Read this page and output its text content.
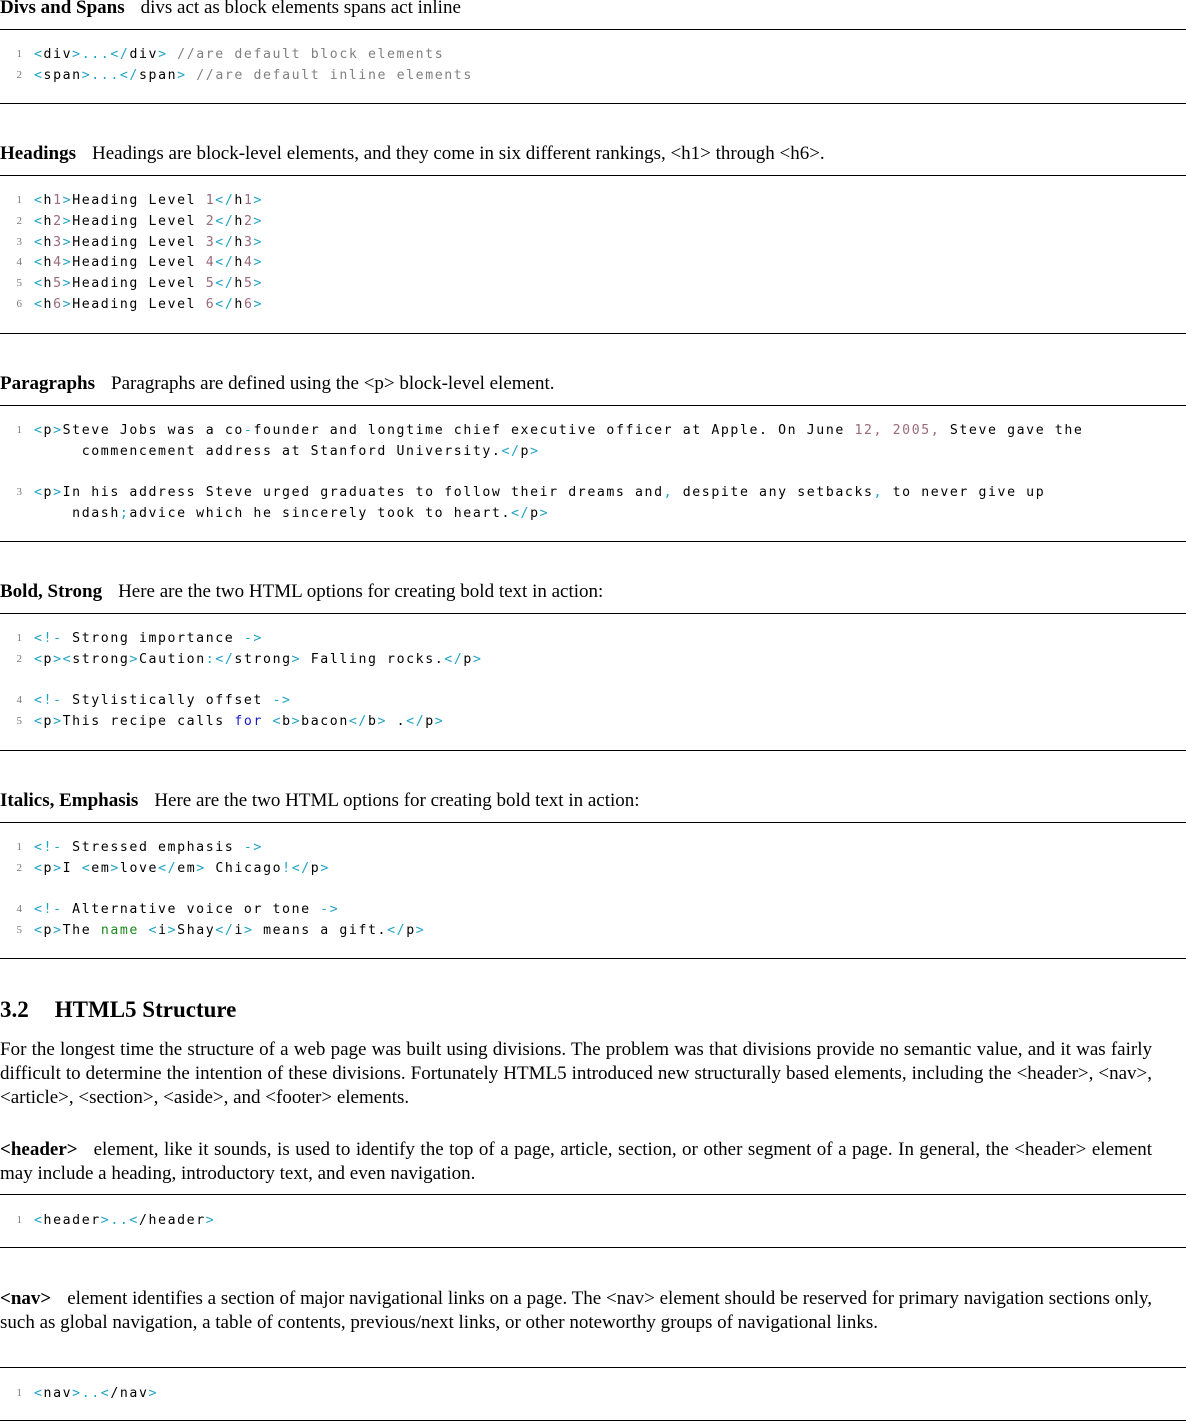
Divs and Spans divs act as block elements spans act inline

1 <div>...</div> //are default block elements
2 <span>...</span> //are default inline elements

Headings Headings are block-level elements, and they come in six different rankings, <h1> through <h6>.

1 <h1>Heading Level 1</h1>
2 <h2>Heading Level 2</h2>
3 <h3>Heading Level 3</h3>
4 <h4>Heading Level 4</h4>
5 <h5>Heading Level 5</h5>
6 <h6>Heading Level 6</h6>

Paragraphs Paragraphs are defined using the <p> block-level element.

1 <p>Steve Jobs was a co-founder and longtime chief executive officer at Apple. On June 12, 2005, Steve gave the
commencement address at Stanford University.</p>
3 <p>In his address Steve urged graduates to follow their dreams and, despite any setbacks, to never give up
ndash;advice which he sincerely took to heart.</p>

Bold, Strong Here are the two HTML options for creating bold text in action:

1 <!- Strong importance ->
2 <p><strong>Caution:</strong> Falling rocks.</p>
4 <!- Stylistically offset ->
5 <p>This recipe calls for <b>bacon</b> .</p>

Italics, Emphasis Here are the two HTML options for creating bold text in action:

1 <!- Stressed emphasis ->
2 <p>I <em>love</em> Chicago!</p>
4 <!- Alternative voice or tone ->
5 <p>The name <i>Shay</i> means a gift.</p>
3.2 HTML5 Structure

For the longest time the structure of a web page was built using divisions. The problem was that divisions provide no semantic value, and it was fairly difficult to determine the intention of these divisions. Fortunately HTML5 introduced new structurally based elements, including the <header>, <nav>, <article>, <section>, <aside>, and <footer> elements.

<header> element, like it sounds, is used to identify the top of a page, article, section, or other segment of a page. In general, the <header> element may include a heading, introductory text, and even navigation.

1 <header>..</header>

<nav> element identifies a section of major navigational links on a page. The <nav> element should be reserved for primary navigation sections only, such as global navigation, a table of contents, previous/next links, or other noteworthy groups of navigational links.

1 <nav>..</nav>
